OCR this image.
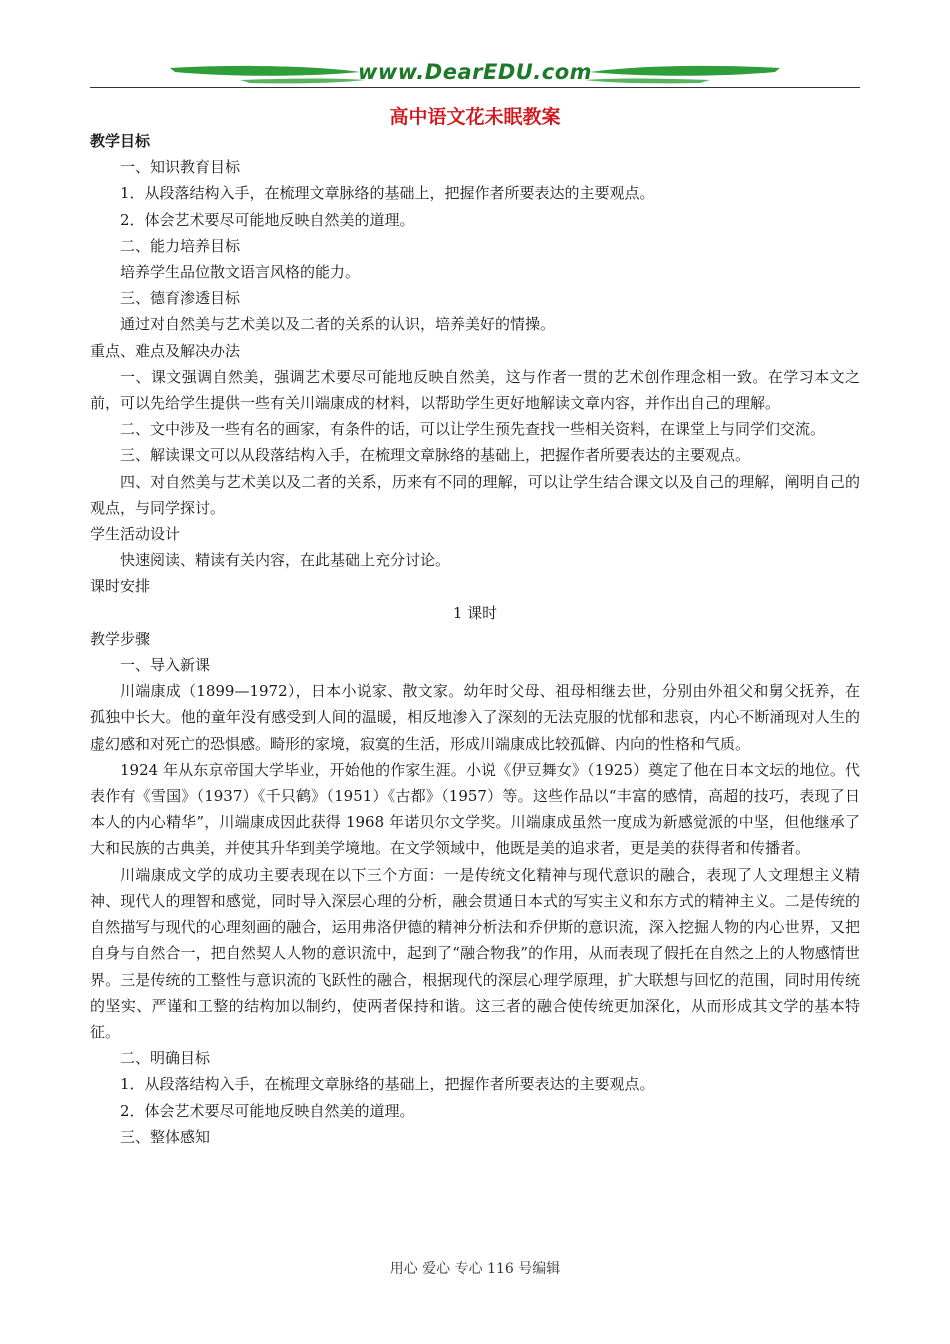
www.DearEDU.com
高中语文花未眠教案

教学目标

一、知识教育目标

1．从段落结构入手，在梳理文章脉络的基础上，把握作者所要表达的主要观点。

2．体会艺术要尽可能地反映自然美的道理。

二、能力培养目标

培养学生品位散文语言风格的能力。

三、德育渗透目标

通过对自然美与艺术美以及二者的关系的认识，培养美好的情操。

重点、难点及解决办法

一、课文强调自然美，强调艺术要尽可能地反映自然美，这与作者一贯的艺术创作理念相一致。在学习本文之前，可以先给学生提供一些有关川端康成的材料，以帮助学生更好地解读文章内容，并作出自己的理解。

二、文中涉及一些有名的画家，有条件的话，可以让学生预先查找一些相关资料，在课堂上与同学们交流。

三、解读课文可以从段落结构入手，在梳理文章脉络的基础上，把握作者所要表达的主要观点。

四、对自然美与艺术美以及二者的关系，历来有不同的理解，可以让学生结合课文以及自己的理解，阐明自己的观点，与同学探讨。

学生活动设计

快速阅读、精读有关内容，在此基础上充分讨论。

课时安排

1 课时

教学步骤

一、导入新课

川端康成（1899—1972），日本小说家、散文家。幼年时父母、祖母相继去世，分别由外祖父和舅父抚养，在孤独中长大。他的童年没有感受到人间的温暖，相反地渗入了深刻的无法克服的忧郁和悲哀，内心不断涌现对人生的虚幻感和对死亡的恐惧感。畸形的家境，寂寞的生活，形成川端康成比较孤僻、内向的性格和气质。

1924 年从东京帝国大学毕业，开始他的作家生涯。小说《伊豆舞女》（1925）奠定了他在日本文坛的地位。代表作有《雪国》（1937）《千只鹤》（1951）《古都》（1957）等。这些作品以“丰富的感情，高超的技巧，表现了日本人的内心精华”，川端康成因此获得 1968 年诺贝尔文学奖。川端康成虽然一度成为新感觉派的中坚，但他继承了大和民族的古典美，并使其升华到美学境地。在文学领域中，他既是美的追求者，更是美的获得者和传播者。

川端康成文学的成功主要表现在以下三个方面：一是传统文化精神与现代意识的融合，表现了人文理想主义精神、现代人的理智和感觉，同时导入深层心理的分析，融会贯通日本式的写实主义和东方式的精神主义。二是传统的自然描写与现代的心理刻画的融合，运用弗洛伊德的精神分析法和乔伊斯的意识流，深入挖掘人物的内心世界，又把自身与自然合一，把自然契人人物的意识流中，起到了“融合物我”的作用，从而表现了假托在自然之上的人物感情世界。三是传统的工整性与意识流的飞跃性的融合，根据现代的深层心理学原理，扩大联想与回忆的范围，同时用传统的坚实、严谨和工整的结构加以制约，使两者保持和谐。这三者的融合使传统更加深化，从而形成其文学的基本特征。

二、明确目标

1．从段落结构入手，在梳理文章脉络的基础上，把握作者所要表达的主要观点。

2．体会艺术要尽可能地反映自然美的道理。

三、整体感知

用心 爱心 专心 116 号编辑
